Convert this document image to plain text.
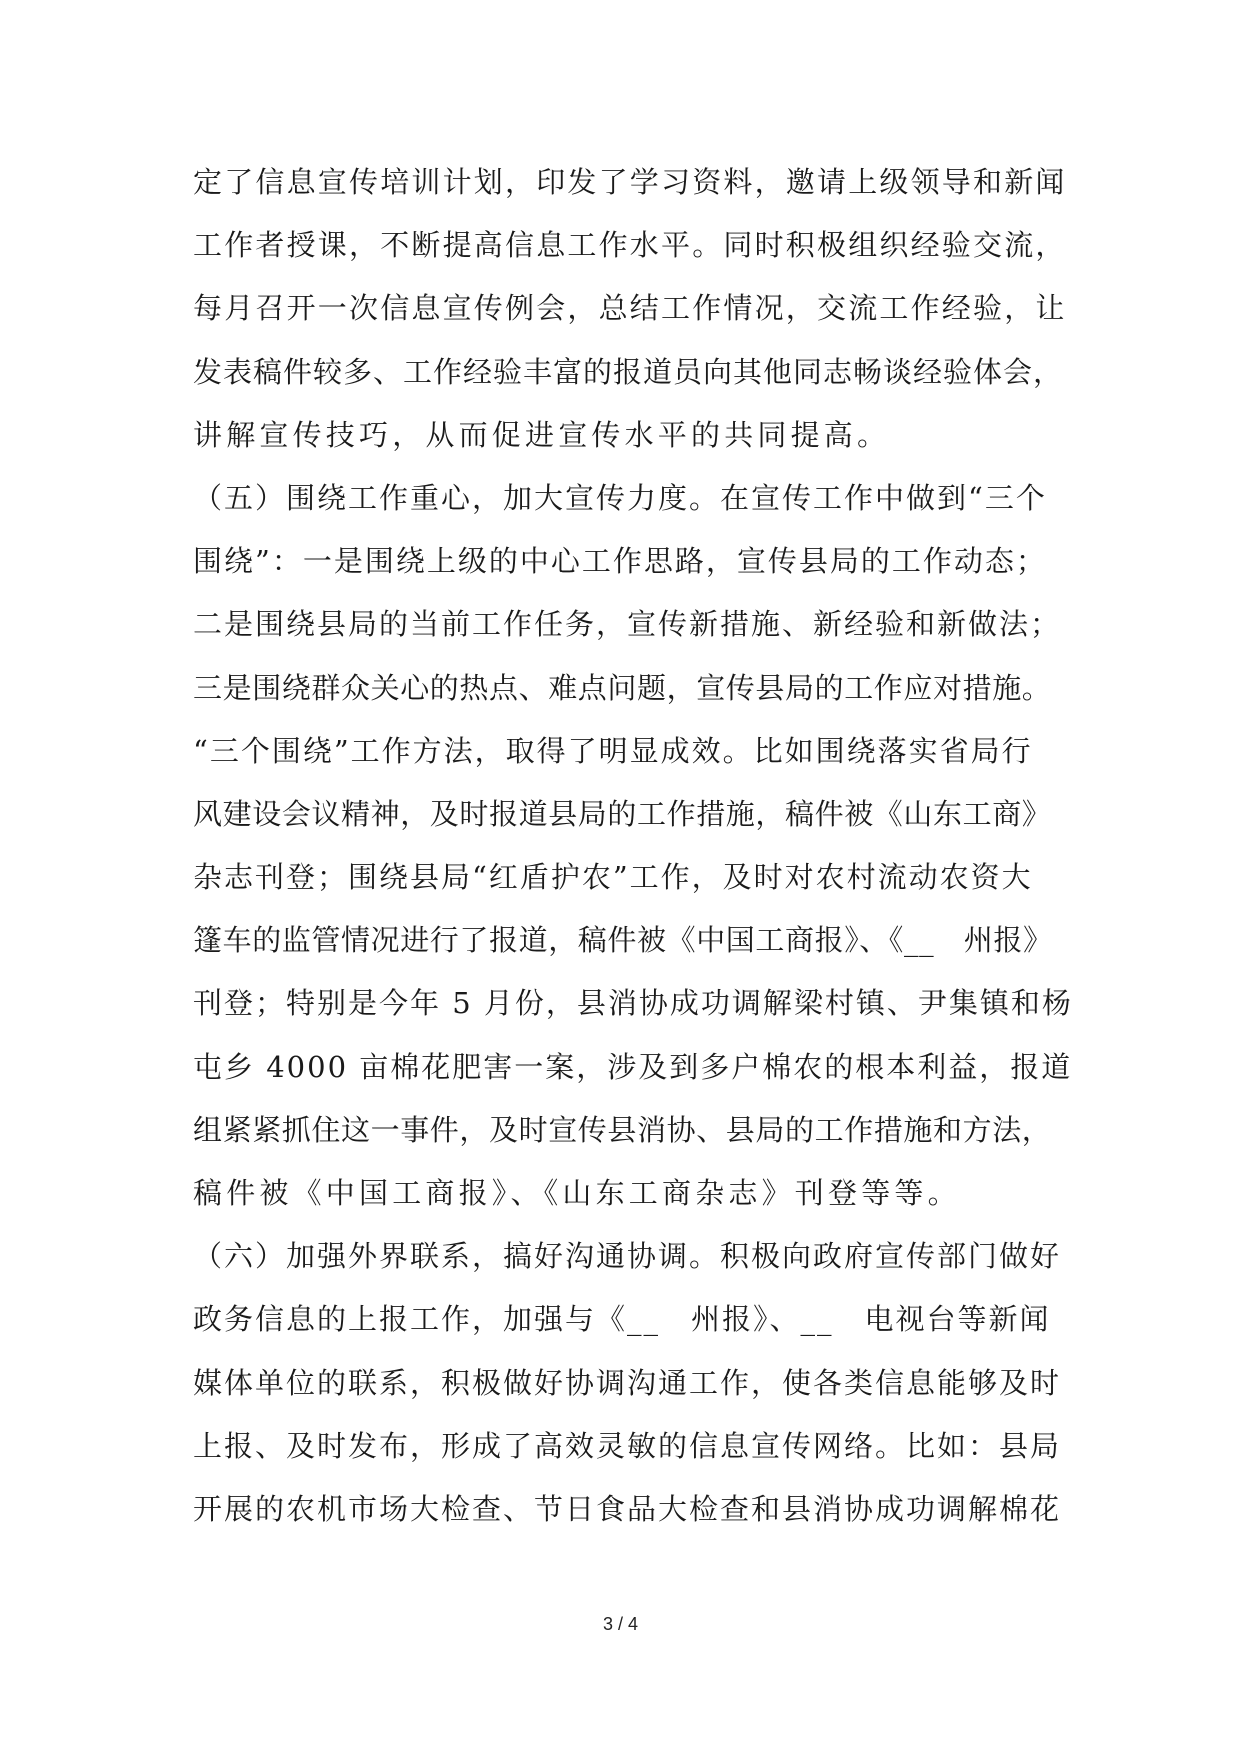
定了信息宣传培训计划，印发了学习资料，邀请上级领导和新闻
工作者授课，不断提高信息工作水平。同时积极组织经验交流，
每月召开一次信息宣传例会，总结工作情况，交流工作经验，让
发表稿件较多、工作经验丰富的报道员向其他同志畅谈经验体会，
讲解宣传技巧，从而促进宣传水平的共同提高。
（五）围绕工作重心，加大宣传力度。在宣传工作中做到“三个
围绕”：一是围绕上级的中心工作思路，宣传县局的工作动态；
二是围绕县局的当前工作任务，宣传新措施、新经验和新做法；
三是围绕群众关心的热点、难点问题，宣传县局的工作应对措施。
“三个围绕”工作方法，取得了明显成效。比如围绕落实省局行
风建设会议精神，及时报道县局的工作措施，稿件被《山东工商》
杂志刊登；围绕县局“红盾护农”工作，及时对农村流动农资大
篷车的监管情况进行了报道，稿件被《中国工商报》、《__　州报》
刊登；特别是今年 5 月份，县消协成功调解梁村镇、尹集镇和杨
屯乡 4000 亩棉花肥害一案，涉及到多户棉农的根本利益，报道
组紧紧抓住这一事件，及时宣传县消协、县局的工作措施和方法，
稿件被《中国工商报》、《山东工商杂志》刊登等等。
（六）加强外界联系，搞好沟通协调。积极向政府宣传部门做好
政务信息的上报工作，加强与《__　州报》、__　电视台等新闻
媒体单位的联系，积极做好协调沟通工作，使各类信息能够及时
上报、及时发布，形成了高效灵敏的信息宣传网络。比如：县局
开展的农机市场大检查、节日食品大检查和县消协成功调解棉花
3 / 4
